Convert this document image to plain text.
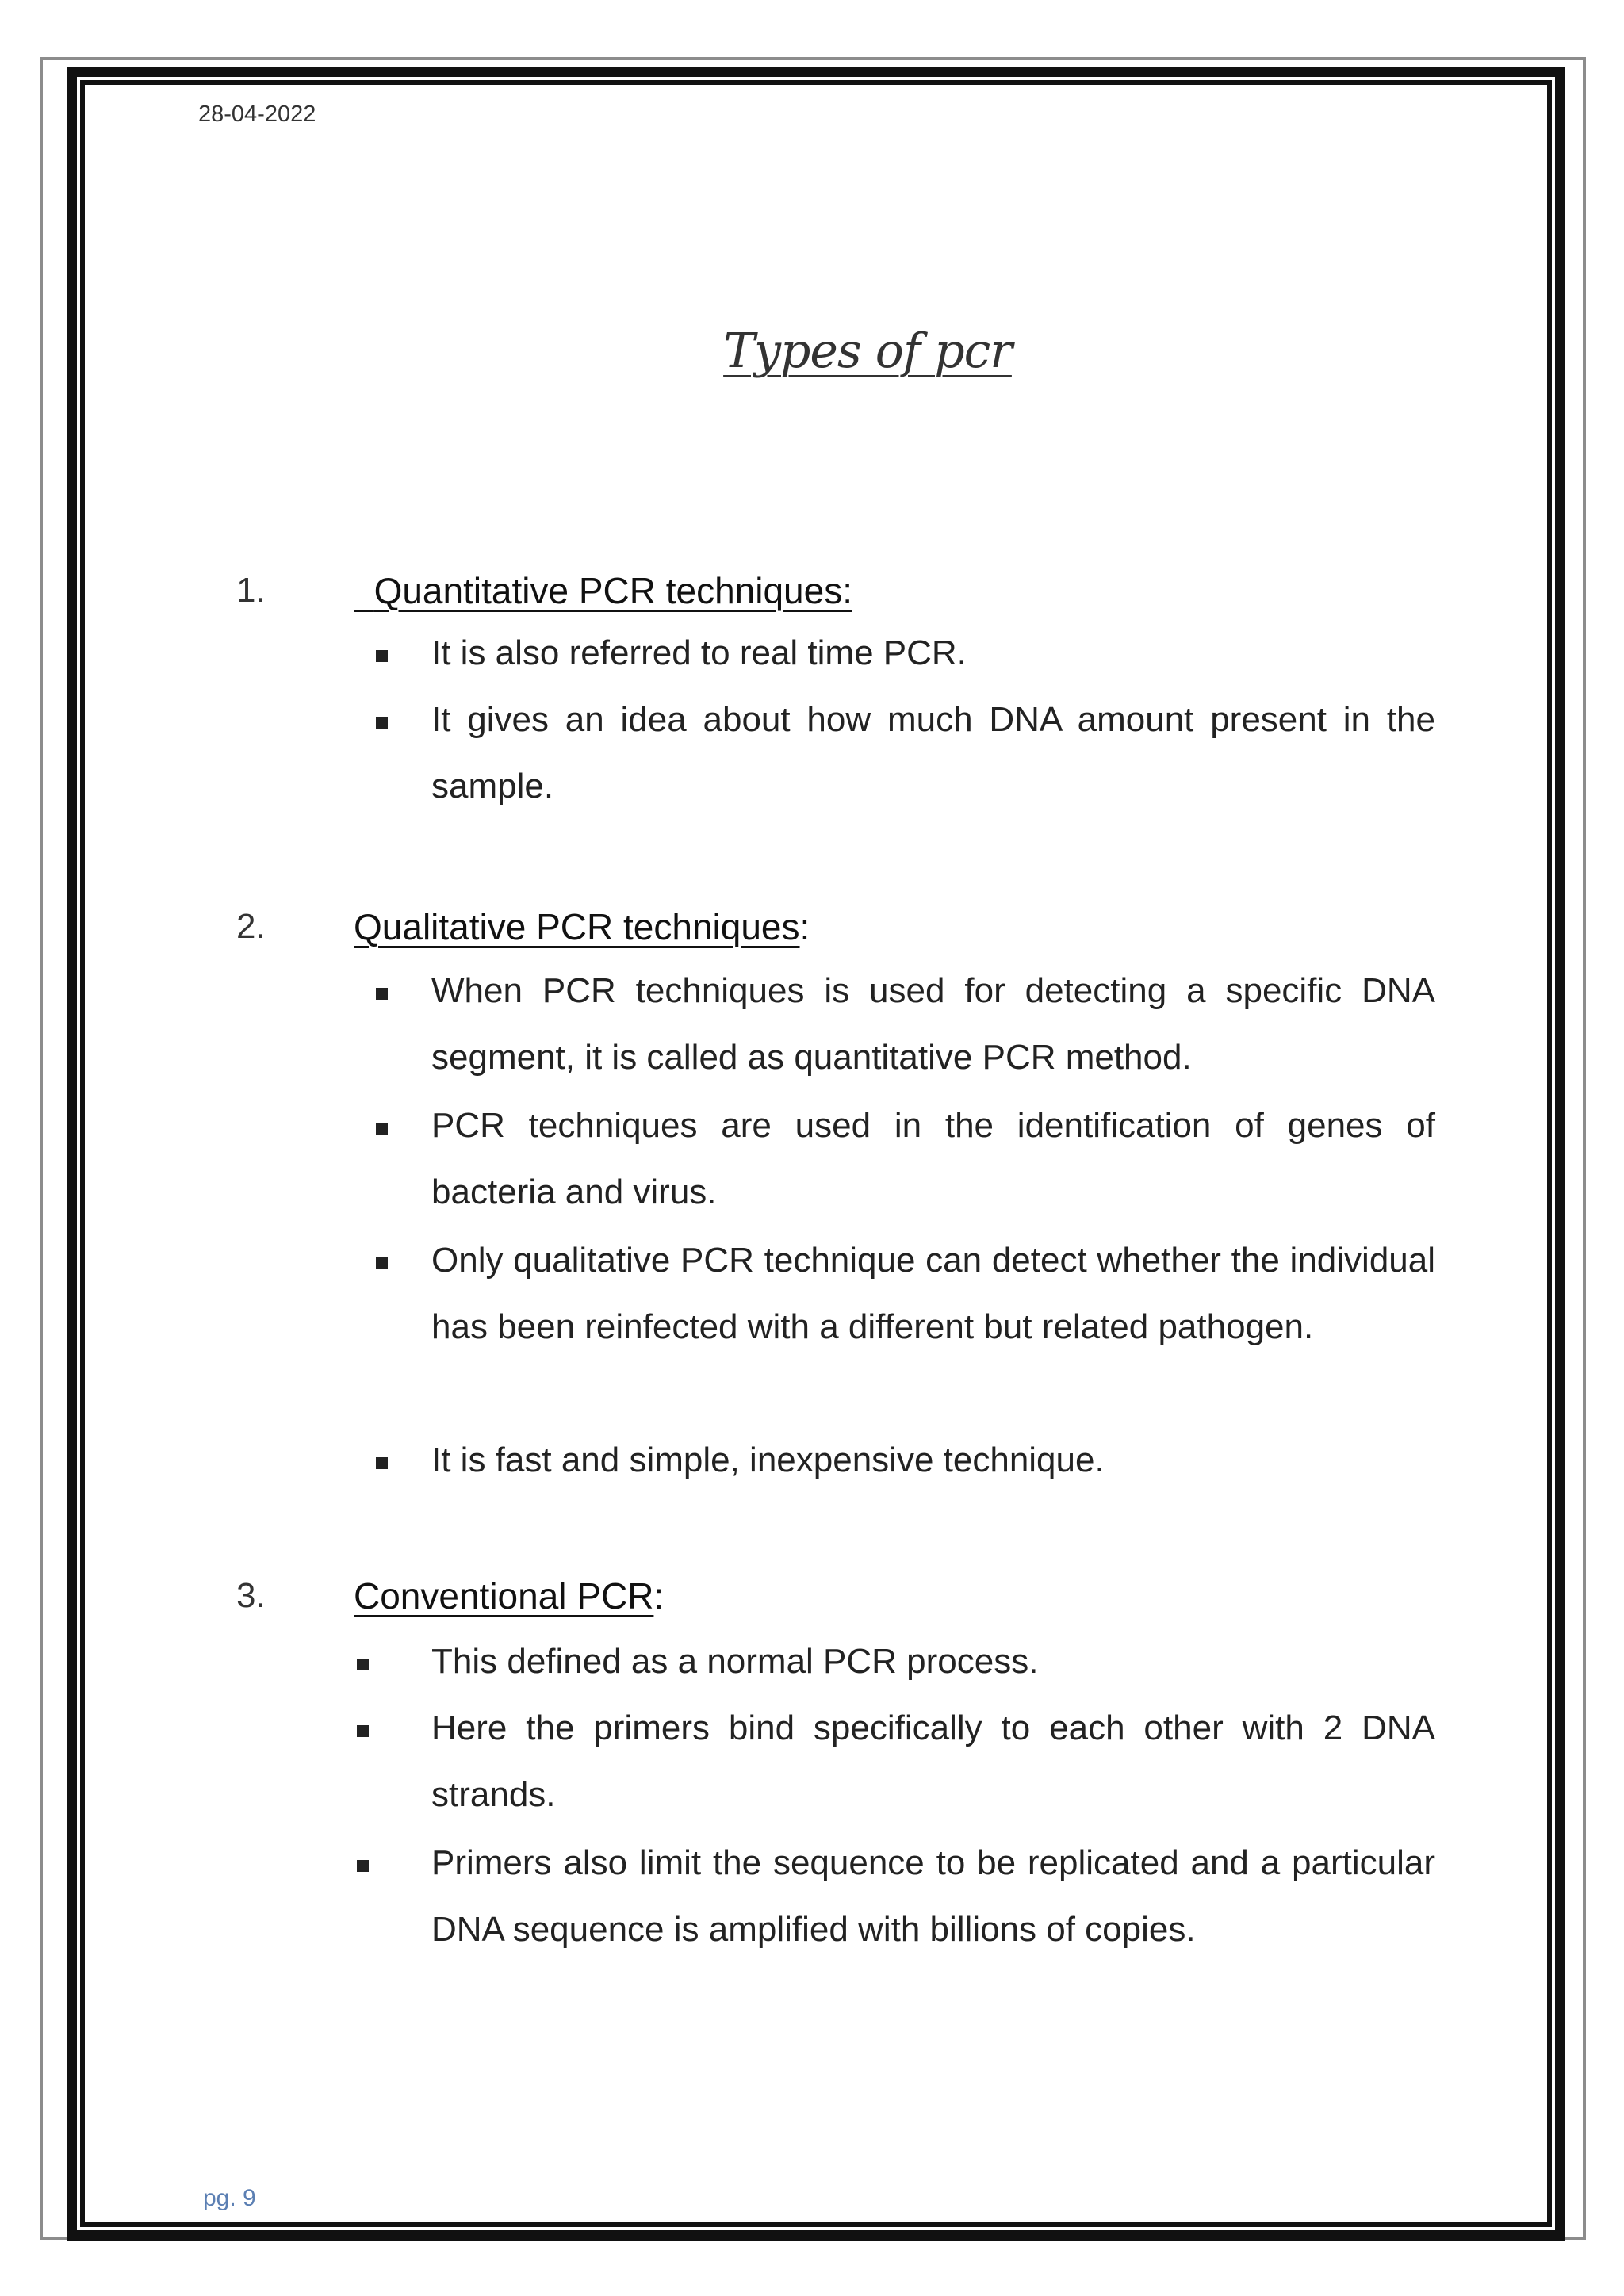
28-04-2022
Types of pcr
1.	Quantitative PCR techniques:
It is also referred to real time PCR.
It gives an idea about how much DNA amount present in the sample.
2. Qualitative PCR techniques:
When PCR techniques is used for detecting a specific DNA segment, it is called as quantitative PCR method.
PCR techniques are used in the identification of genes of bacteria and virus.
Only qualitative PCR technique can detect whether the individual has been reinfected with a different but related pathogen.
It is fast and simple, inexpensive technique.
3. Conventional PCR:
This defined as a normal PCR process.
Here the primers bind specifically to each other with 2 DNA strands.
Primers also limit the sequence to be replicated and a particular DNA sequence is amplified with billions of copies.
pg. 9
